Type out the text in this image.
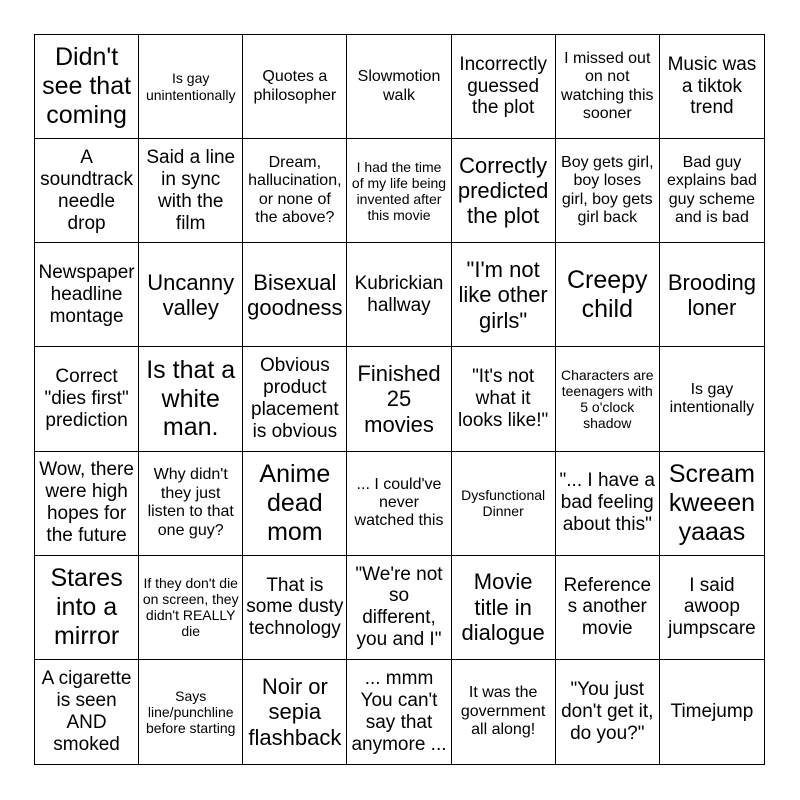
Didn't see that coming
Is gay unintentionally
Quotes a philosopher
Slowmotion walk
Incorrectly guessed the plot
I missed out on not watching this sooner
Music was a tiktok trend
A soundtrack needle drop
Said a line in sync with the film
Dream, hallucination, or none of the above?
I had the time of my life being invented after this movie
Correctly predicted the plot
Boy gets girl, boy loses girl, boy gets girl back
Bad guy explains bad guy scheme and is bad
Newspaper headline montage
Uncanny valley
Bisexual goodness
Kubrickian hallway
"I'm not like other girls"
Creepy child
Brooding loner
Correct "dies first" prediction
Is that a white man.
Obvious product placement is obvious
Finished 25 movies
"It's not what it looks like!"
Characters are teenagers with 5 o'clock shadow
Is gay intentionally
Wow, there were high hopes for the future
Why didn't they just listen to that one guy?
Anime dead mom
... I could've never watched this
Dysfunctional Dinner
"... I have a bad feeling about this"
Scream kweeen yaaas
Stares into a mirror
If they don't die on screen, they didn't REALLY die
That is some dusty technology
"We're not so different, you and I"
Movie title in dialogue
References another movie
I said awoop jumpscare
A cigarette is seen AND smoked
Says line/punchline before starting
Noir or sepia flashback
... mmm You can't say that anymore ...
It was the government all along!
"You just don't get it, do you?"
Timejump
